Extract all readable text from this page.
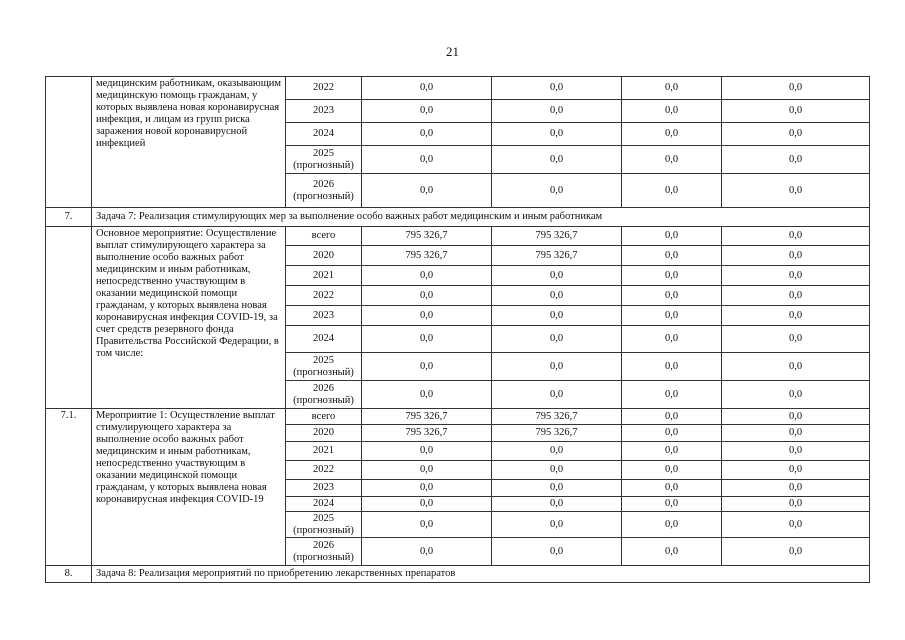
21
	медицинским работникам, оказывающим медицинскую помощь гражданам, у которых выявлена новая коронавирусная инфекция, и лицам из групп риска заражения новой коронавирусной инфекцией	2022	0,0	0,0	0,0	0,0
		2023	0,0	0,0	0,0	0,0
		2024	0,0	0,0	0,0	0,0
		2025 (прогнозный)	0,0	0,0	0,0	0,0
		2026 (прогнозный)	0,0	0,0	0,0	0,0
7.	Задача 7: Реализация стимулирующих мер за выполнение особо важных работ медицинским и иным работникам					
	Основное мероприятие: Осуществление выплат стимулирующего характера за выполнение особо важных работ медицинским и иным работникам, непосредственно участвующим в оказании медицинской помощи гражданам, у которых выявлена новая коронавирусная инфекция COVID-19, за счет средств резервного фонда Правительства Российской Федерации, в том числе:	всего	795 326,7	795 326,7	0,0	0,0
		2020	795 326,7	795 326,7	0,0	0,0
		2021	0,0	0,0	0,0	0,0
		2022	0,0	0,0	0,0	0,0
		2023	0,0	0,0	0,0	0,0
		2024	0,0	0,0	0,0	0,0
		2025 (прогнозный)	0,0	0,0	0,0	0,0
		2026 (прогнозный)	0,0	0,0	0,0	0,0
7.1.	Мероприятие 1: Осуществление выплат стимулирующего характера за выполнение особо важных работ медицинским и иным работникам, непосредственно участвующим в оказании медицинской помощи гражданам, у которых выявлена новая коронавирусная инфекция COVID-19	всего	795 326,7	795 326,7	0,0	0,0
		2020	795 326,7	795 326,7	0,0	0,0
		2021	0,0	0,0	0,0	0,0
		2022	0,0	0,0	0,0	0,0
		2023	0,0	0,0	0,0	0,0
		2024	0,0	0,0	0,0	0,0
		2025 (прогнозный)	0,0	0,0	0,0	0,0
		2026 (прогнозный)	0,0	0,0	0,0	0,0
8.	Задача 8: Реализация мероприятий по приобретению лекарственных препаратов					
